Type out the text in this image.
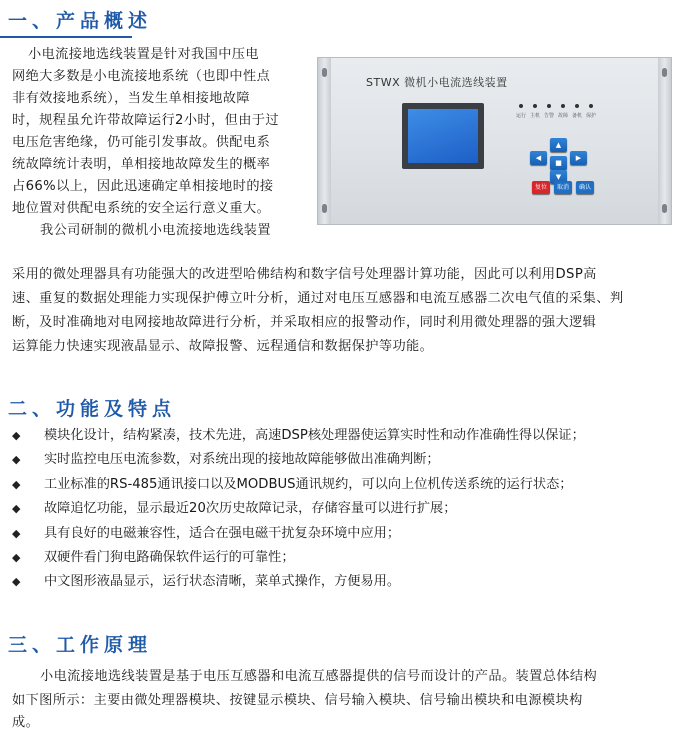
一、产品概述

小电流接地选线装置是针对我国中压电

网绝大多数是小电流接地系统（也即中性点

非有效接地系统），当发生单相接地故障

时，规程虽允许带故障运行2小时，但由于过

电压危害绝缘，仍可能引发事故。供配电系

统故障统计表明，单相接地故障发生的概率

占66%以上，因此迅速确定单相接地时的接

地位置对供配电系统的安全运行意义重大。

我公司研制的微机小电流接地选线装置

STWX 微机小电流选线装置
运行 主机 告警 故障 备机 保护
▲
◀
■
▶
▼
复位	取消	确认

采用的微处理器具有功能强大的改进型哈佛结构和数字信号处理器计算功能，因此可以利用DSP高

速、重复的数据处理能力实现保护傅立叶分析，通过对电压互感器和电流互感器二次电气值的采集、判

断，及时准确地对电网接地故障进行分析，并采取相应的报警动作，同时利用微处理器的强大逻辑

运算能力快速实现液晶显示、故障报警、远程通信和数据保护等功能。

二、功能及特点
◆ 模块化设计，结构紧凑，技术先进，高速DSP核处理器使运算实时性和动作准确性得以保证；
◆ 实时监控电压电流参数，对系统出现的接地故障能够做出准确判断；
◆ 工业标准的RS-485通讯接口以及MODBUS通讯规约，可以向上位机传送系统的运行状态；
◆ 故障追忆功能，显示最近20次历史故障记录，存储容量可以进行扩展；
◆ 具有良好的电磁兼容性，适合在强电磁干扰复杂环境中应用；
◆ 双硬件看门狗电路确保软件运行的可靠性；
◆ 中文图形液晶显示，运行状态清晰，菜单式操作，方便易用。
三、工作原理

小电流接地选线装置是基于电压互感器和电流互感器提供的信号而设计的产品。装置总体结构

如下图所示：主要由微处理器模块、按键显示模块、信号输入模块、信号输出模块和电源模块构

成。
